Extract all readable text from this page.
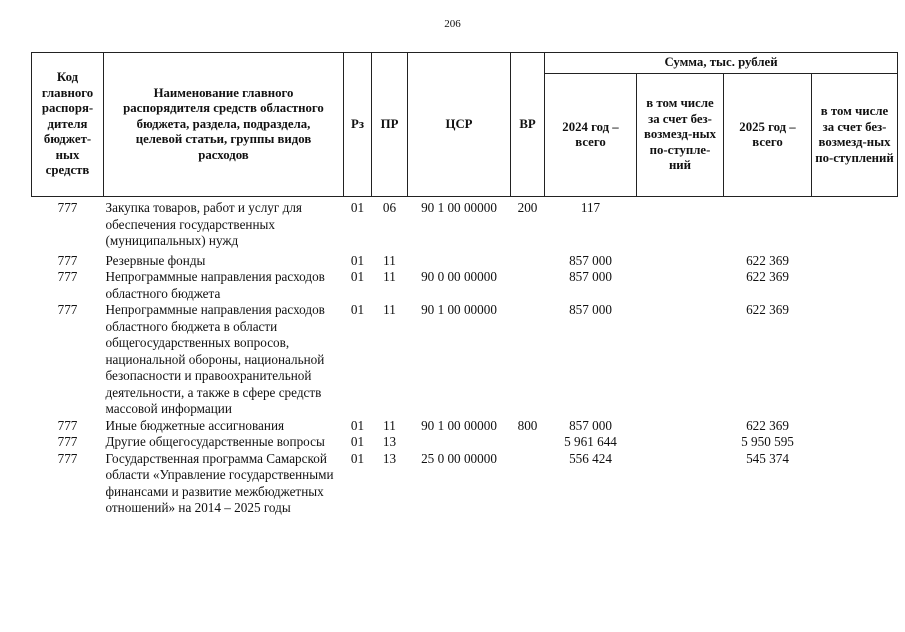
206
Код главного распоря-дителя бюджет-ных средств	Наименование главного распорядителя средств областного бюджета, раздела, подраздела, целевой статьи, группы видов расходов	Рз	ПР	ЦСР	ВР	Сумма, тыс. рублей			
						2024 год – всего	в том числе за счет без-возмезд-ных по-ступле-ний	2025 год – всего	в том числе за счет без-возмезд-ных по-ступлений
777	Закупка товаров, работ и услуг для обеспечения государственных (муниципальных) нужд	01	06	90 1 00 00000	200	117			
777	Резервные фонды	01	11			857 000		622 369	
777	Непрограммные направления расходов областного бюджета	01	11	90 0 00 00000		857 000		622 369	
777	Непрограммные направления расходов областного бюджета в области общегосударственных вопросов, национальной обороны, национальной безопасности и правоохранительной деятельности, а также в сфере средств массовой информации	01	11	90 1 00 00000		857 000		622 369	
777	Иные бюджетные ассигнования	01	11	90 1 00 00000	800	857 000		622 369	
777	Другие общегосударственные вопросы	01	13			5 961 644		5 950 595	
777	Государственная программа Самарской области «Управление государственными финансами и развитие межбюджетных отношений» на 2014 – 2025 годы	01	13	25 0 00 00000		556 424		545 374	
